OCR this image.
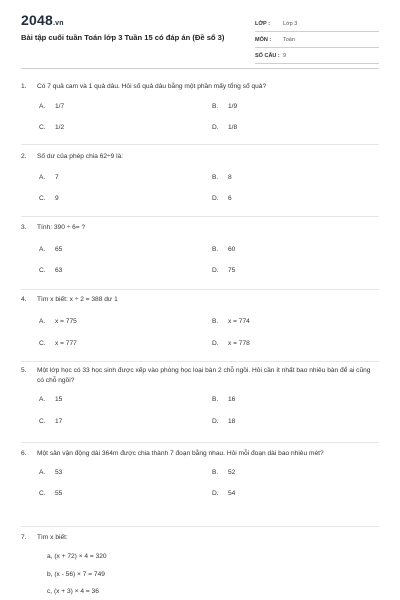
2048.vn
Bài tập cuối tuần Toán lớp 3 Tuần 15 có đáp án (Đề số 3)
LỚP :	Lớp 3
MÔN :	Toán
SỐ CÂU : 9
1.	Có 7 quả cam và 1 quả dâu. Hỏi số quả dâu bằng một phần mấy tổng số quả?
A.	1/7	B.	1/9
C.	1/2	D.	1/8
2.	Số dư của phép chia 62÷9 là:
A.	7	B.	8
C.	9	D.	6
3.	Tính: 390 ÷ 6= ?
A.	65	B.	60
C.	63	D.	75
4.	Tìm x biết: x ÷ 2 = 388 dư 1
A.	x = 775	B.	x = 774
C.	x = 777	D.	x = 778
5.	Một lớp học có 33 học sinh được xếp vào phòng học loại bàn 2 chỗ ngồi. Hỏi cần ít nhất bao nhiêu bàn để ai cũng có chỗ ngồi?
A.	15	B.	16
C.	17	D.	18
6.	Một sân vận động dài 364m được chia thành 7 đoạn bằng nhau. Hỏi mỗi đoạn dài bao nhiêu mét?
A.	53	B.	52
C.	55	D.	54
7.	Tìm x biết:
a, (x + 72) × 4 = 320
b, (x - 56) × 7 = 749
c, (x + 3) × 4 = 36
